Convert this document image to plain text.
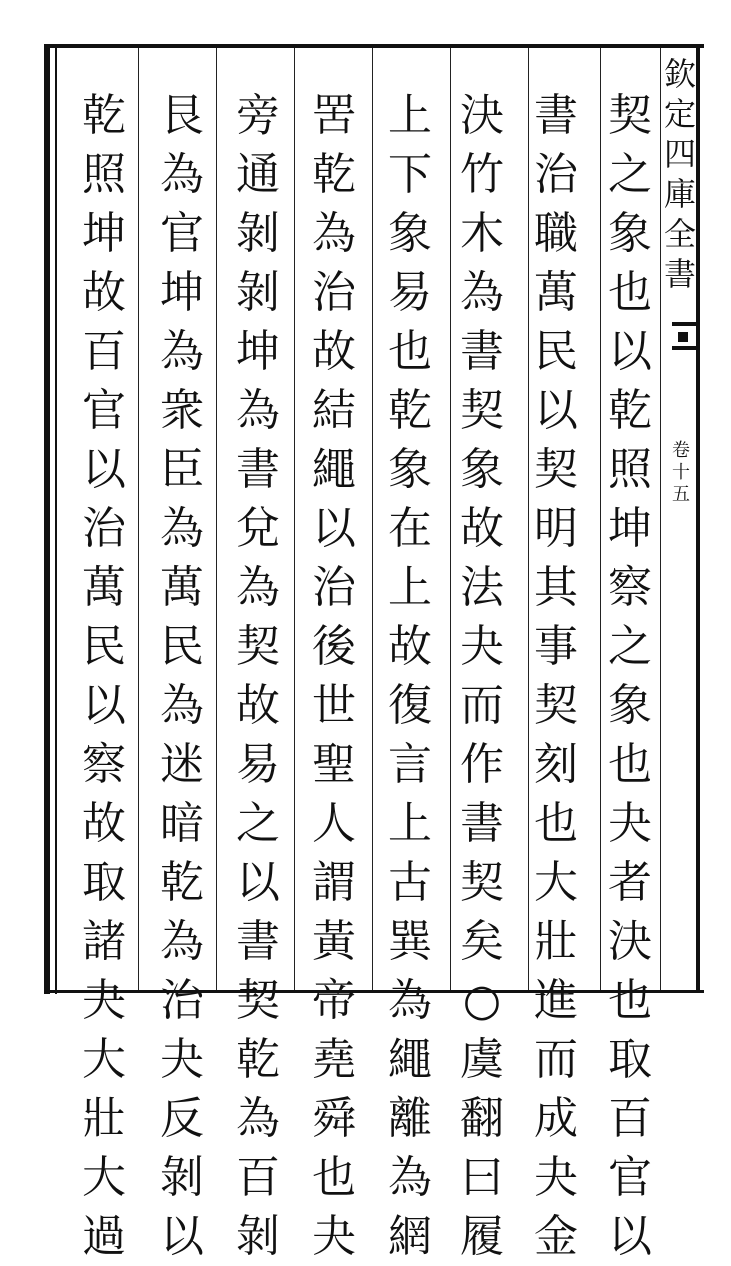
欽
定
四
庫
全
書
卷
十
五
契
之
象
也
以
乾
照
坤
察
之
象
也
夬
者
決
也
取
百
官
以
書
治
職
萬
民
以
契
明
其
事
契
刻
也
大
壯
進
而
成
夬
金
決
竹
木
為
書
契
象
故
法
夬
而
作
書
契
矣
○
虞
翻
曰
履
上
下
象
易
也
乾
象
在
上
故
復
言
上
古
巽
為
繩
離
為
網
罟
乾
為
治
故
結
繩
以
治
後
世
聖
人
謂
黃
帝
堯
舜
也
夬
旁
通
剝
剝
坤
為
書
兌
為
契
故
易
之
以
書
契
乾
為
百
剝
艮
為
官
坤
為
衆
臣
為
萬
民
為
迷
暗
乾
為
治
夬
反
剝
以
乾
照
坤
故
百
官
以
治
萬
民
以
察
故
取
諸
夬
大
壯
大
過
